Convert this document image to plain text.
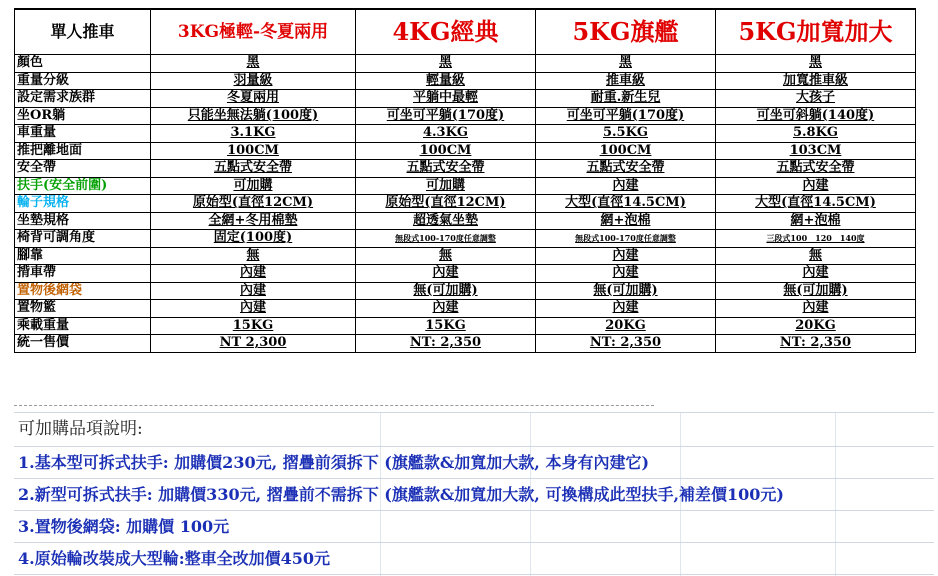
單人推車	3KG極輕-冬夏兩用	4KG經典	5KG旗艦	5KG加寬加大
顏色	黑	黑	黑	黑
重量分級	羽量級	輕量級	推車級	加寬推車級
設定需求族群	冬夏兩用	平躺中最輕	耐重.新生兒	大孩子
坐OR躺	只能坐無法躺(100度)	可坐可平躺(170度)	可坐可平躺(170度)	可坐可斜躺(140度)
車重量	3.1KG	4.3KG	5.5KG	5.8KG
推把離地面	100CM	100CM	100CM	103CM
安全帶	五點式安全帶	五點式安全帶	五點式安全帶	五點式安全帶
扶手(安全前圍)	可加購	可加購	內建	內建
輪子規格	原始型(直徑12CM)	原始型(直徑12CM)	大型(直徑14.5CM)	大型(直徑14.5CM)
坐墊規格	全網+冬用棉墊	超透氣坐墊	網+泡棉	網+泡棉
椅背可調角度	固定(100度)	無段式100-170度任意調整	無段式100-170度任意調整	三段式100　120　140度
腳靠	無	無	內建	無
揹車帶	內建	內建	內建	內建
置物後網袋	內建	無(可加購)	無(可加購)	無(可加購)
置物籃	內建	內建	內建	內建
乘載重量	15KG	15KG	20KG	20KG
統一售價	NT 2,300	NT: 2,350	NT: 2,350	NT: 2,350
可加購品項說明:
1.基本型可拆式扶手: 加購價230元, 摺疊前須拆下 (旗艦款&加寬加大款, 本身有內建它)
2.新型可拆式扶手: 加購價330元, 摺疊前不需拆下 (旗艦款&加寬加大款, 可換構成此型扶手,補差價100元)
3.置物後網袋: 加購價 100元
4.原始輪改裝成大型輪:整車全改加價450元
